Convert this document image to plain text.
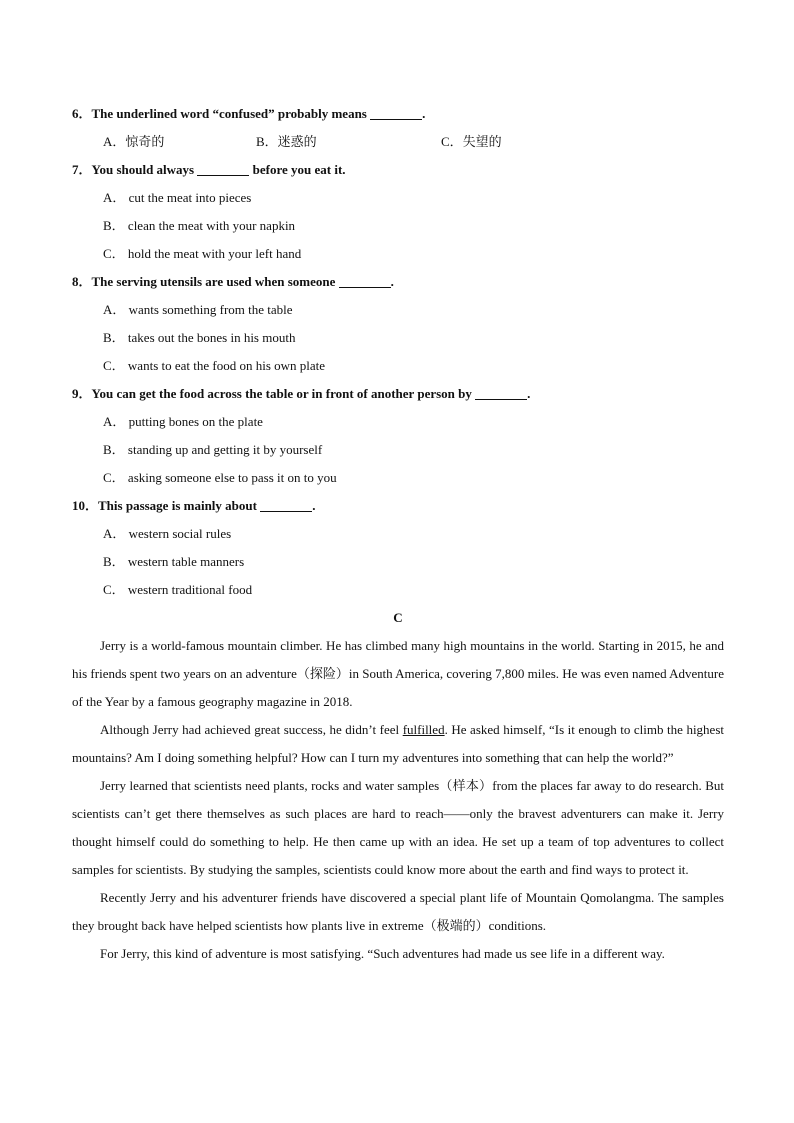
6．The underlined word “confused” probably means	.
A．惊奇的	B．迷惑的	C．失望的
7．You should always	before you eat it.
A． cut the meat into pieces
B． clean the meat with your napkin
C． hold the meat with your left hand
8．The serving utensils are used when someone	.
A． wants something from the table
B． takes out the bones in his mouth
C． wants to eat the food on his own plate
9．You can get the food across the table or in front of another person by	.
A． putting bones on the plate
B． standing up and getting it by yourself
C． asking someone else to pass it on to you
10．This passage is mainly about	.
A． western social rules
B． western table manners
C． western traditional food
C
Jerry is a world-famous mountain climber. He has climbed many high mountains in the world. Starting in 2015, he and his friends spent two years on an adventure（探险）in South America, covering 7,800 miles. He was even named Adventure of the Year by a famous geography magazine in 2018.
Although Jerry had achieved great success, he didn’t feel fulfilled. He asked himself, “Is it enough to climb the highest mountains? Am I doing something helpful? How can I turn my adventures into something that can help the world?”
Jerry learned that scientists need plants, rocks and water samples（样本）from the places far away to do research. But scientists can’t get there themselves as such places are hard to reach——only the bravest adventurers can make it. Jerry thought himself could do something to help. He then came up with an idea. He set up a team of top adventures to collect samples for scientists. By studying the samples, scientists could know more about the earth and find ways to protect it.
Recently Jerry and his adventurer friends have discovered a special plant life of Mountain Qomolangma. The samples they brought back have helped scientists how plants live in extreme（极端的）conditions.
For Jerry, this kind of adventure is most satisfying. “Such adventures had made us see life in a different way.
